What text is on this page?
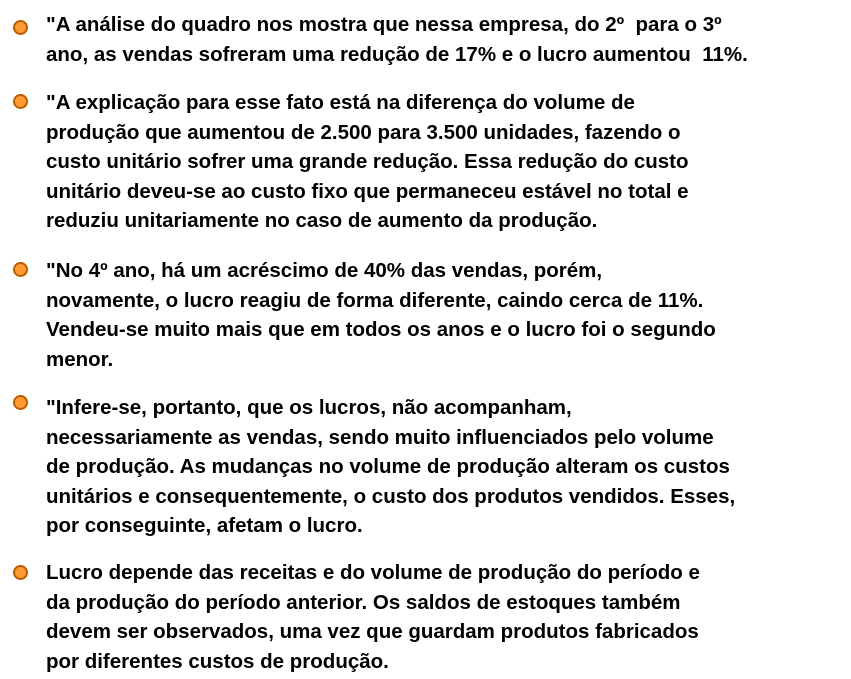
"A análise do quadro nos mostra que nessa empresa, do 2º  para o 3º
ano, as vendas sofreram uma redução de 17% e o lucro aumentou  11%.

"A explicação para esse fato está na diferença do volume de
produção que aumentou de 2.500 para 3.500 unidades, fazendo o
custo unitário sofrer uma grande redução. Essa redução do custo
unitário deveu-se ao custo fixo que permaneceu estável no total e
reduziu unitariamente no caso de aumento da produção.

"No 4º ano, há um acréscimo de 40% das vendas, porém,
novamente, o lucro reagiu de forma diferente, caindo cerca de 11%.
Vendeu-se muito mais que em todos os anos e o lucro foi o segundo
menor.

"Infere-se, portanto, que os lucros, não acompanham,
necessariamente as vendas, sendo muito influenciados pelo volume
de produção. As mudanças no volume de produção alteram os custos
unitários e consequentemente, o custo dos produtos vendidos. Esses,
por conseguinte, afetam o lucro.

Lucro depende das receitas e do volume de produção do período e
da produção do período anterior. Os saldos de estoques também
devem ser observados, uma vez que guardam produtos fabricados
por diferentes custos de produção.
